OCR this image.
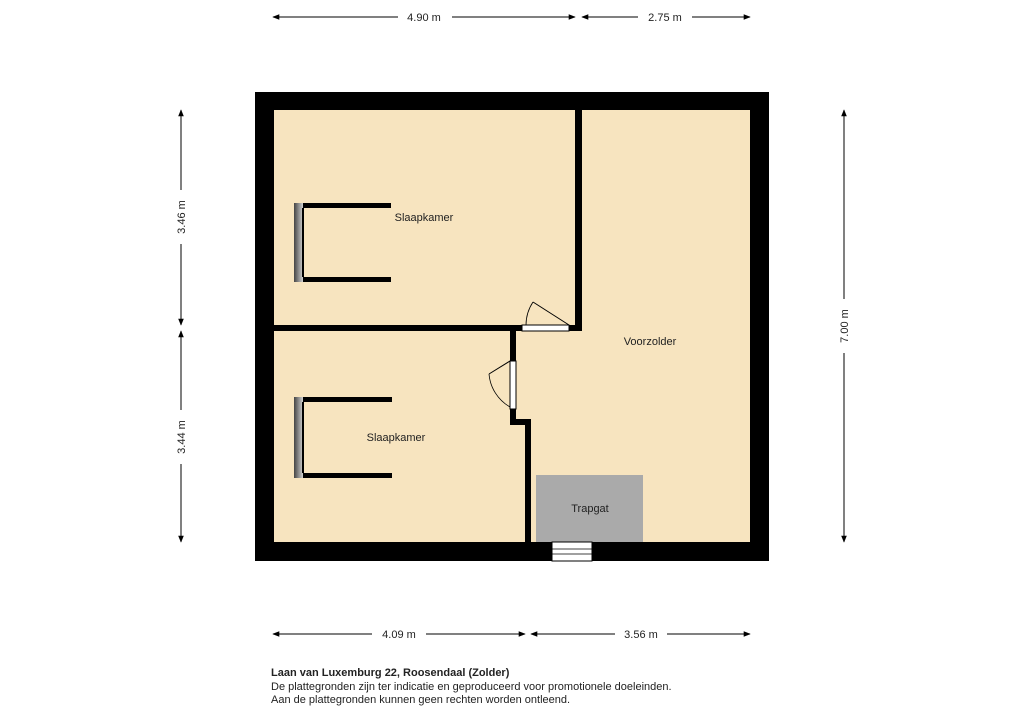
Slaapkamer
Slaapkamer
Voorzolder
Trapgat
4.90 m	2.75 m
4.09 m	3.56 m
3.46 m
3.44 m
7.00 m
Laan van Luxemburg 22, Roosendaal (Zolder)
De plattegronden zijn ter indicatie en geproduceerd voor promotionele doeleinden.
Aan de plattegronden kunnen geen rechten worden ontleend.
